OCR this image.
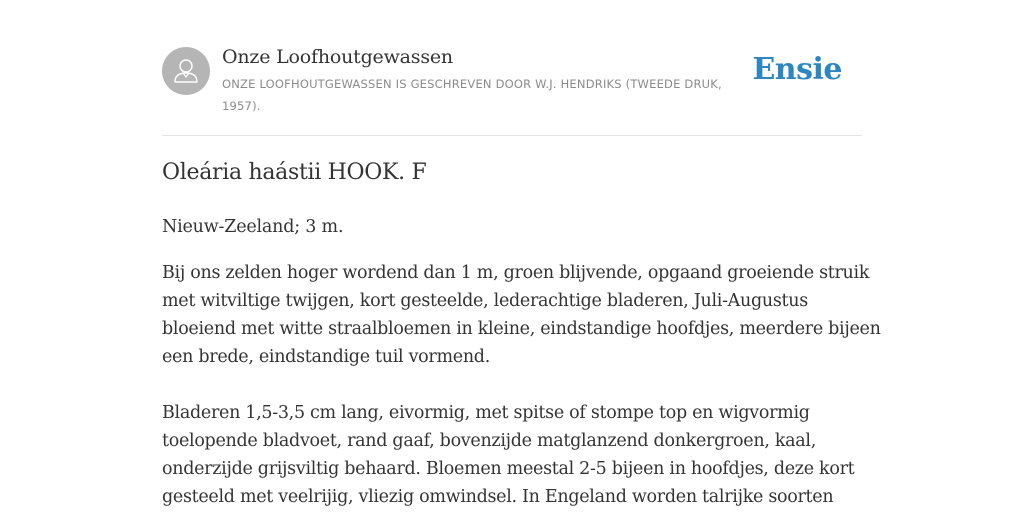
Onze Loofhoutgewassen

ONZE LOOFHOUTGEWASSEN IS GESCHREVEN DOOR W.J. HENDRIKS (TWEEDE DRUK, 1957).

Ensie
Oleária haástii HOOK. F

Nieuw-Zeeland; 3 m.

Bij ons zelden hoger wordend dan 1 m, groen blijvende, opgaand groeiende struik met witviltige twijgen, kort gesteelde, lederachtige bladeren, Juli-Augustus bloeiend met witte straalbloemen in kleine, eindstandige hoofdjes, meerdere bijeen een brede, eindstandige tuil vormend.

Bladeren 1,5-3,5 cm lang, eivormig, met spitse of stompe top en wigvormig toelopende bladvoet, rand gaaf, bovenzijde matglanzend donkergroen, kaal, onderzijde grijsviltig behaard. Bloemen meestal 2-5 bijeen in hoofdjes, deze kort gesteeld met veelrijig, vliezig omwindsel. In Engeland worden talrijke soorten
